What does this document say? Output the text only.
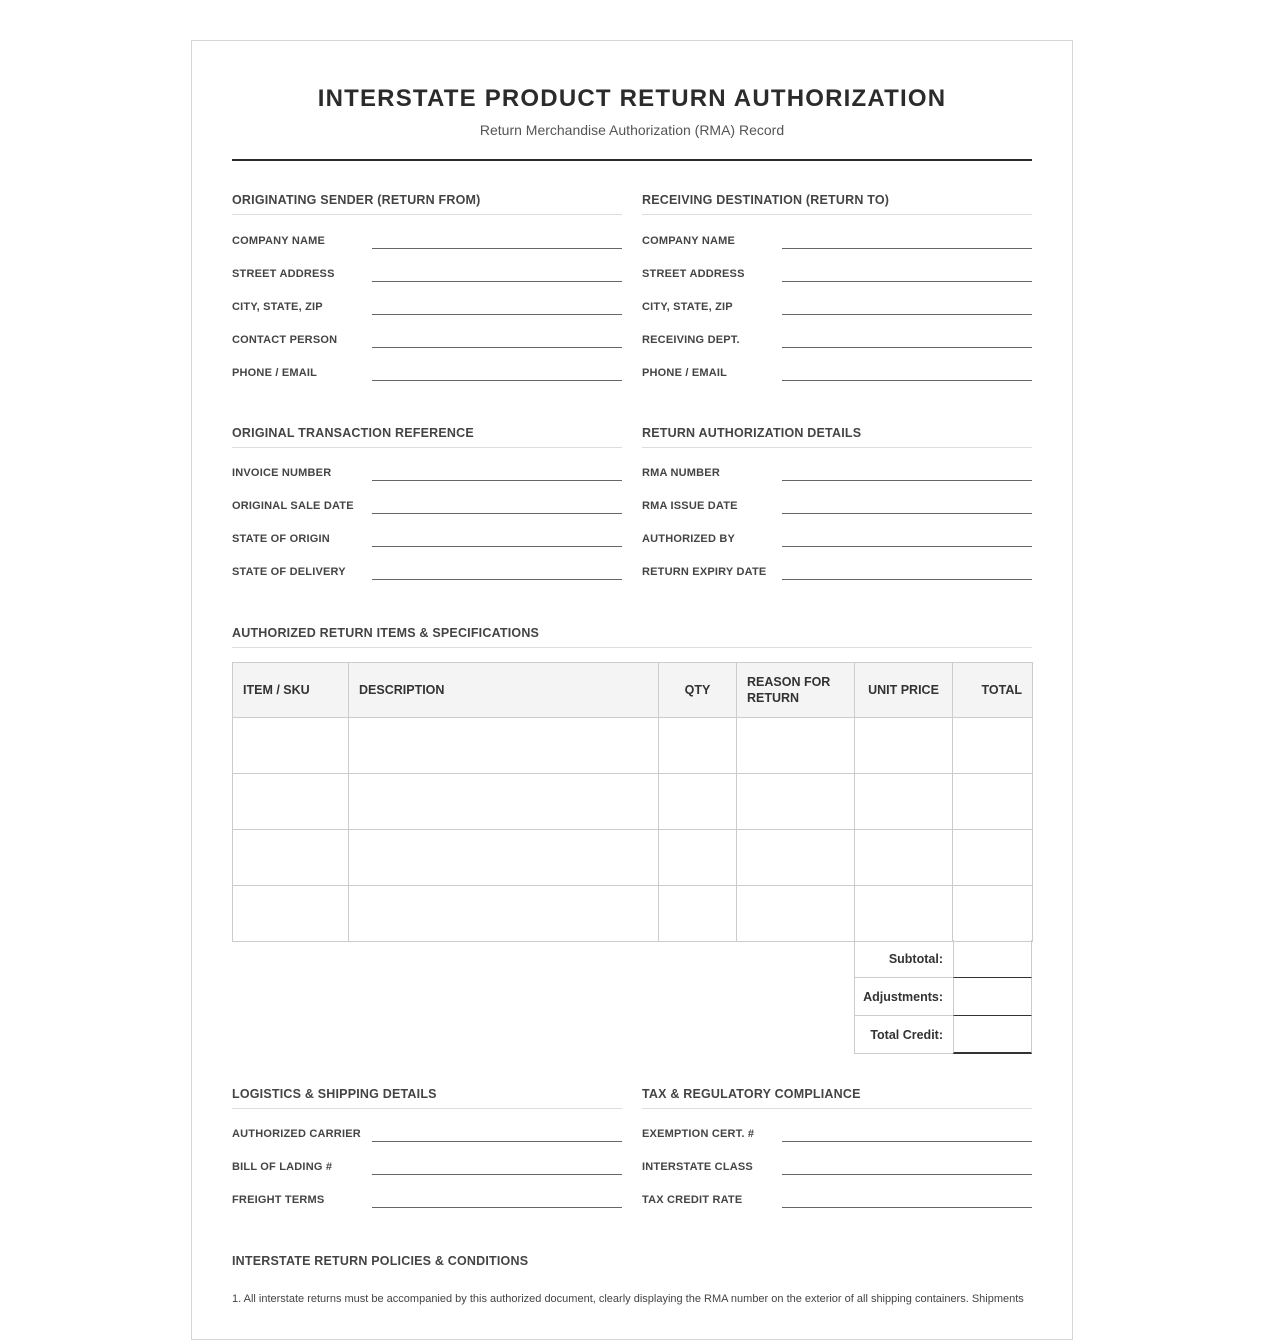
INTERSTATE PRODUCT RETURN AUTHORIZATION
Return Merchandise Authorization (RMA) Record
ORIGINATING SENDER (RETURN FROM)
COMPANY NAME
STREET ADDRESS
CITY, STATE, ZIP
CONTACT PERSON
PHONE / EMAIL
RECEIVING DESTINATION (RETURN TO)
COMPANY NAME
STREET ADDRESS
CITY, STATE, ZIP
RECEIVING DEPT.
PHONE / EMAIL
ORIGINAL TRANSACTION REFERENCE
INVOICE NUMBER
ORIGINAL SALE DATE
STATE OF ORIGIN
STATE OF DELIVERY
RETURN AUTHORIZATION DETAILS
RMA NUMBER
RMA ISSUE DATE
AUTHORIZED BY
RETURN EXPIRY DATE
AUTHORIZED RETURN ITEMS & SPECIFICATIONS
ITEM / SKU	DESCRIPTION	QTY	REASON FOR RETURN	UNIT PRICE	TOTAL

Subtotal:
Adjustments:
Total Credit:
LOGISTICS & SHIPPING DETAILS
AUTHORIZED CARRIER
BILL OF LADING #
FREIGHT TERMS
TAX & REGULATORY COMPLIANCE
EXEMPTION CERT. #
INTERSTATE CLASS
TAX CREDIT RATE
INTERSTATE RETURN POLICIES & CONDITIONS
1. All interstate returns must be accompanied by this authorized document, clearly displaying the RMA number on the exterior of all shipping containers. Shipments
